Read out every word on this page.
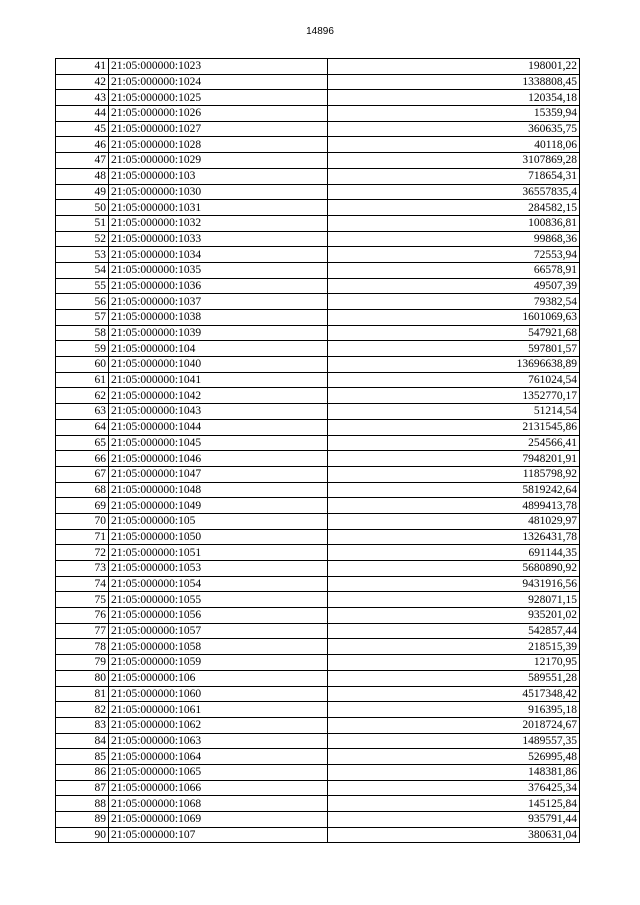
14896
41	21:05:000000:1023	198001,22
42	21:05:000000:1024	1338808,45
43	21:05:000000:1025	120354,18
44	21:05:000000:1026	15359,94
45	21:05:000000:1027	360635,75
46	21:05:000000:1028	40118,06
47	21:05:000000:1029	3107869,28
48	21:05:000000:103	718654,31
49	21:05:000000:1030	36557835,4
50	21:05:000000:1031	284582,15
51	21:05:000000:1032	100836,81
52	21:05:000000:1033	99868,36
53	21:05:000000:1034	72553,94
54	21:05:000000:1035	66578,91
55	21:05:000000:1036	49507,39
56	21:05:000000:1037	79382,54
57	21:05:000000:1038	1601069,63
58	21:05:000000:1039	547921,68
59	21:05:000000:104	597801,57
60	21:05:000000:1040	13696638,89
61	21:05:000000:1041	761024,54
62	21:05:000000:1042	1352770,17
63	21:05:000000:1043	51214,54
64	21:05:000000:1044	2131545,86
65	21:05:000000:1045	254566,41
66	21:05:000000:1046	7948201,91
67	21:05:000000:1047	1185798,92
68	21:05:000000:1048	5819242,64
69	21:05:000000:1049	4899413,78
70	21:05:000000:105	481029,97
71	21:05:000000:1050	1326431,78
72	21:05:000000:1051	691144,35
73	21:05:000000:1053	5680890,92
74	21:05:000000:1054	9431916,56
75	21:05:000000:1055	928071,15
76	21:05:000000:1056	935201,02
77	21:05:000000:1057	542857,44
78	21:05:000000:1058	218515,39
79	21:05:000000:1059	12170,95
80	21:05:000000:106	589551,28
81	21:05:000000:1060	4517348,42
82	21:05:000000:1061	916395,18
83	21:05:000000:1062	2018724,67
84	21:05:000000:1063	1489557,35
85	21:05:000000:1064	526995,48
86	21:05:000000:1065	148381,86
87	21:05:000000:1066	376425,34
88	21:05:000000:1068	145125,84
89	21:05:000000:1069	935791,44
90	21:05:000000:107	380631,04
